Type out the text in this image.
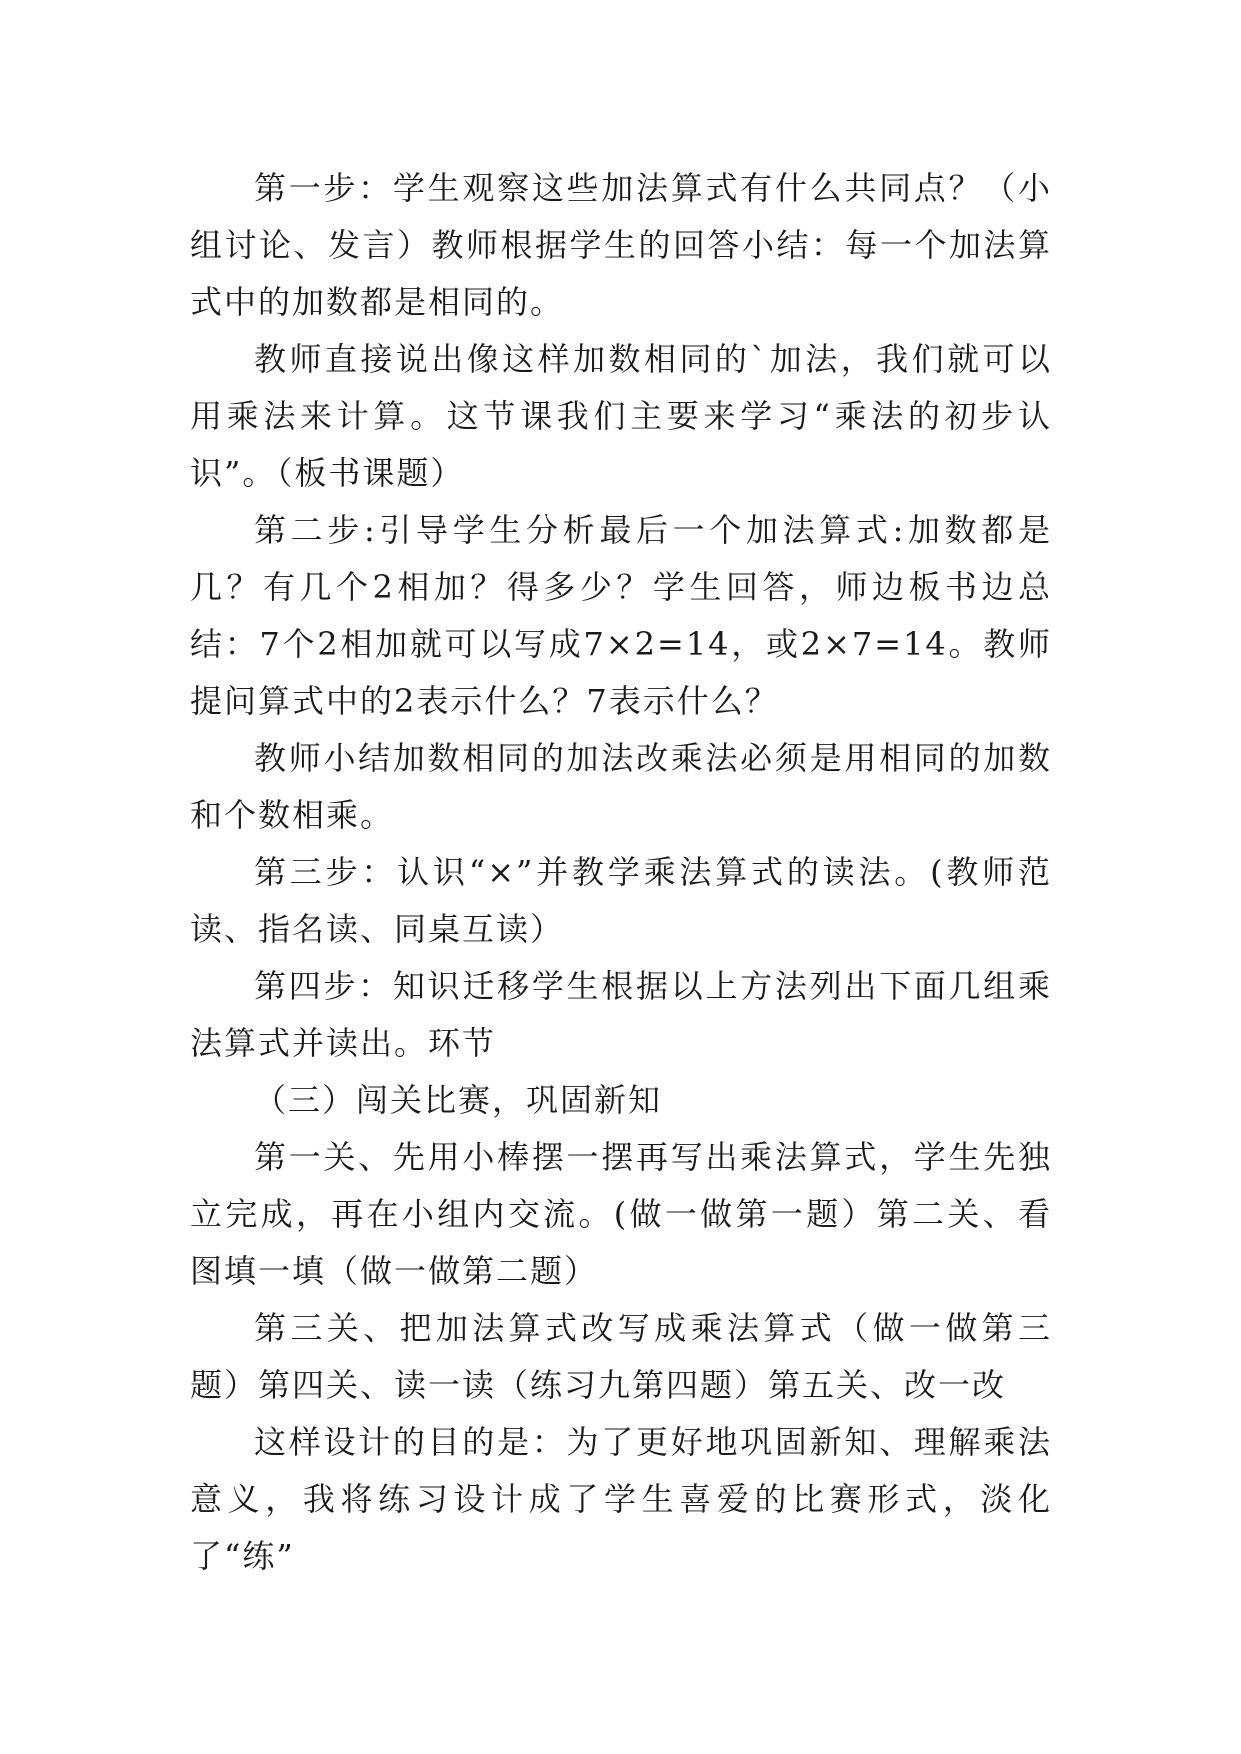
第一步：学生观察这些加法算式有什么共同点？（小组讨论、发言）教师根据学生的回答小结：每一个加法算式中的加数都是相同的。

教师直接说出像这样加数相同的`加法，我们就可以用乘法来计算。这节课我们主要来学习“乘法的初步认识”。（板书课题）

第二步:引导学生分析最后一个加法算式:加数都是几？有几个2相加？得多少？学生回答，师边板书边总结：7个2相加就可以写成7×2=14，或2×7=14。教师提问算式中的2表示什么？7表示什么？

教师小结加数相同的加法改乘法必须是用相同的加数和个数相乘。

第三步：认识“×”并教学乘法算式的读法。(教师范读、指名读、同桌互读）

第四步：知识迁移学生根据以上方法列出下面几组乘法算式并读出。环节

（三）闯关比赛，巩固新知

第一关、先用小棒摆一摆再写出乘法算式，学生先独立完成，再在小组内交流。(做一做第一题）第二关、看图填一填（做一做第二题）

第三关、把加法算式改写成乘法算式（做一做第三题）第四关、读一读（练习九第四题）第五关、改一改

这样设计的目的是：为了更好地巩固新知、理解乘法意义，我将练习设计成了学生喜爱的比赛形式，淡化了“练”
